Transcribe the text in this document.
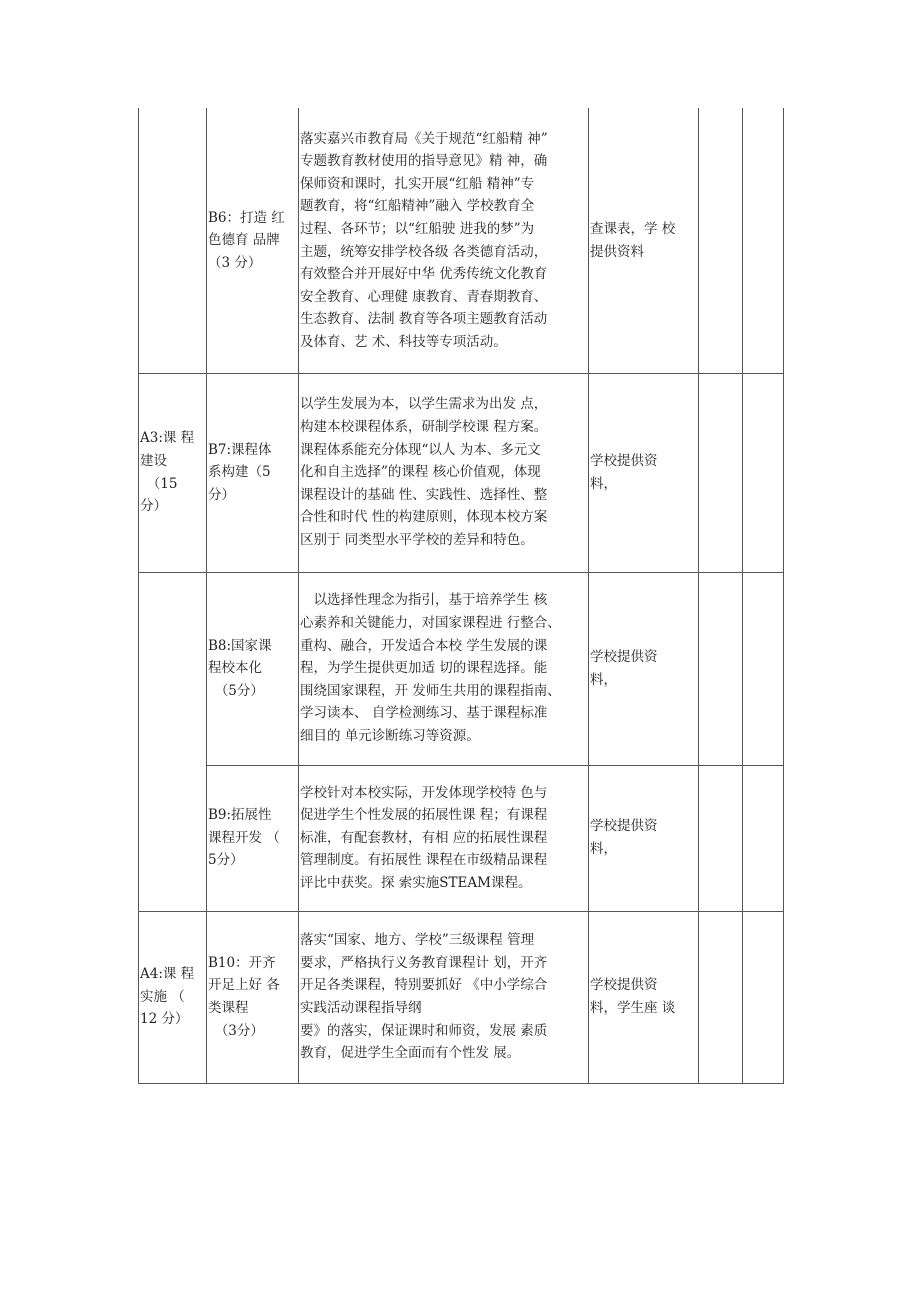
B6：打造 红
色德育 品牌
（3 分）
落实嘉兴市教育局《关于规范“红船精 神”
专题教育教材使用的指导意见》精 神，确
保师资和课时，扎实开展“红船 精神”专
题教育，将“红船精神”融入 学校教育全
过程、各环节；以“红船驶 进我的梦”为
主题，统筹安排学校各级 各类德育活动，
有效整合并开展好中华 优秀传统文化教育
安全教育、心理健 康教育、青春期教育、
生态教育、法制 教育等各项主题教育活动
及体育、艺 术、科技等专项活动。
查课表，学 校
提供资料
A3:课 程
建设
　（15
分）
B7:课程体
系构建（5
分）
以学生发展为本，以学生需求为出发 点，
构建本校课程体系，研制学校课 程方案。
课程体系能充分体现“以人 为本、多元文
化和自主选择”的课程 核心价值观，体现
课程设计的基础 性、实践性、选择性、整
合性和时代 性的构建原则，体现本校方案
区别于 同类型水平学校的差异和特色。
学校提供资
料，
B8:国家课
程校本化
　（5分）
　以选择性理念为指引，基于培养学生 核
心素养和关键能力，对国家课程进 行整合、
重构、融合，开发适合本校 学生发展的课
程，为学生提供更加适 切的课程选择。能
围绕国家课程，开 发师生共用的课程指南、
学习读本、 自学检测练习、基于课程标准
细目的 单元诊断练习等资源。
学校提供资
料，
B9:拓展性
课程开发 （
5分）
学校针对本校实际，开发体现学校特 色与
促进学生个性发展的拓展性课 程；有课程
标准，有配套教材，有相 应的拓展性课程
管理制度。有拓展性 课程在市级精品课程
评比中获奖。探 索实施STEAM课程。
学校提供资
料，
A4:课 程
实施 （
12 分）
B10：开齐
开足上好 各
类课程
　（3分）
落实“国家、地方、学校”三级课程 管理
要求，严格执行义务教育课程计 划，开齐
开足各类课程，特别要抓好 《中小学综合
实践活动课程指导纲
要》的落实，保证课时和师资，发展 素质
教育，促进学生全面而有个性发 展。
学校提供资
料，学生座 谈
